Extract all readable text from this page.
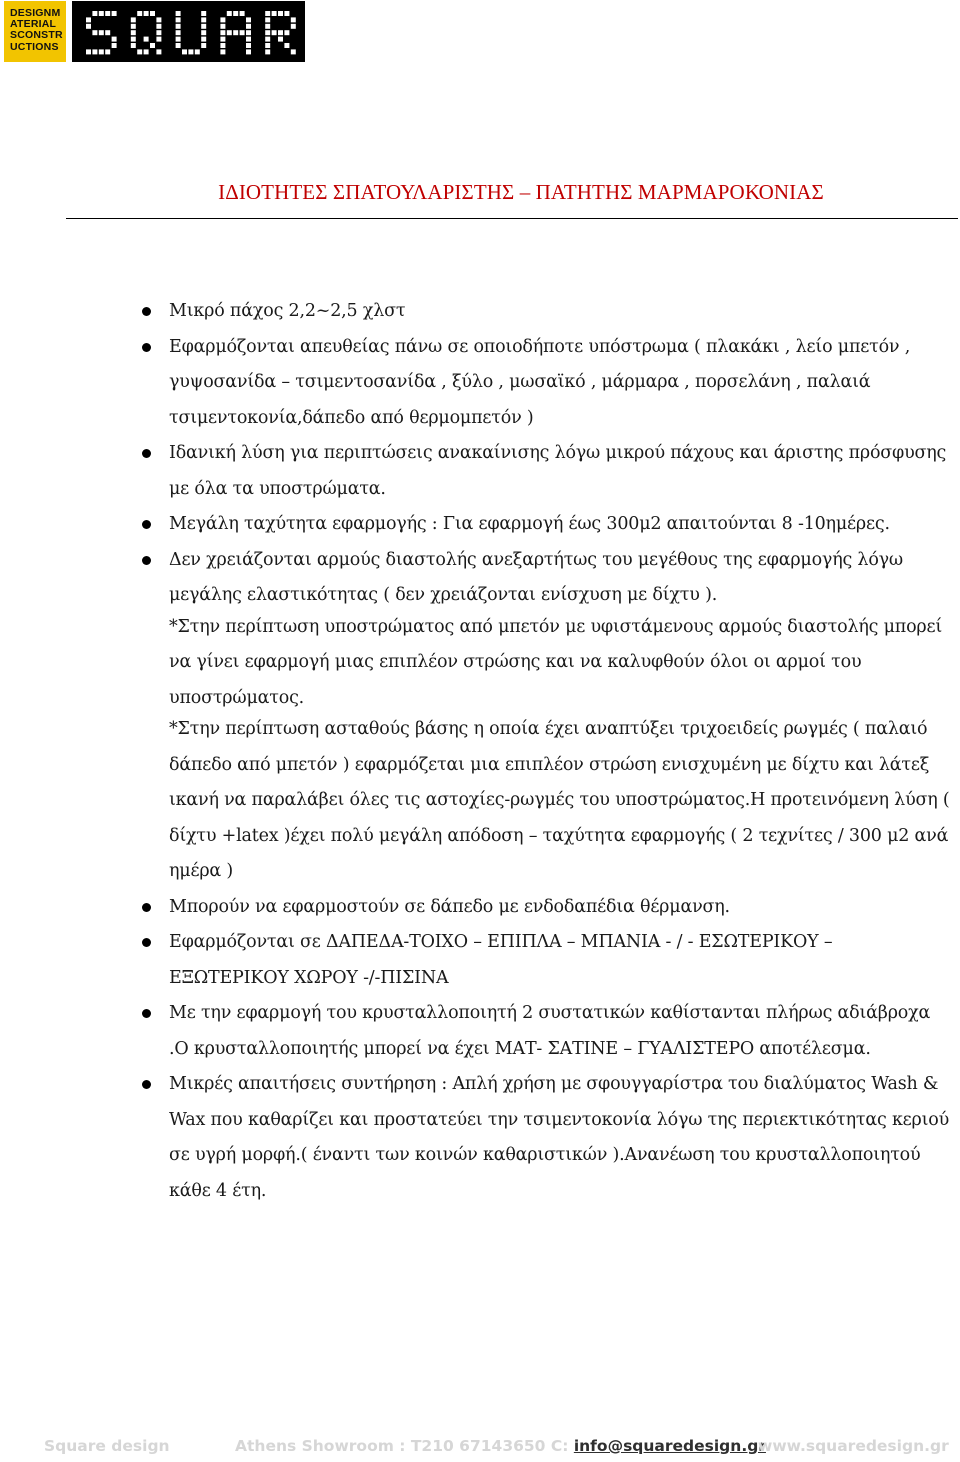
DESIGNM
ATERIAL
SCONSTR
UCTIONS
ΙΔΙΟΤΗΤΕΣ ΣΠΑΤΟΥΛΑΡΙΣΤΗΣ – ΠΑΤΗΤΗΣ ΜΑΡΜΑΡΟΚΟΝΙΑΣ
Μικρό πάχος 2,2~2,5 χλστ
Εφαρμόζονται απευθείας πάνω σε οποιοδήποτε υπόστρωμα ( πλακάκι , λείο μπετόν , γυψοσανίδα – τσιμεντοσανίδα , ξύλο , μωσαϊκό , μάρμαρα , πορσελάνη , παλαιά τσιμεντοκονία,δάπεδο από θερμομπετόν )
Ιδανική λύση για περιπτώσεις ανακαίνισης λόγω μικρού πάχους και άριστης πρόσφυσης με όλα τα υποστρώματα.
Μεγάλη ταχύτητα εφαρμογής : Για εφαρμογή έως 300μ2 απαιτούνται 8 -10ημέρες.
Δεν χρειάζονται αρμούς διαστολής ανεξαρτήτως του μεγέθους της εφαρμογής λόγω μεγάλης ελαστικότητας ( δεν χρειάζονται ενίσχυση με δίχτυ ).
*Στην περίπτωση υποστρώματος από μπετόν με υφιστάμενους αρμούς διαστολής μπορεί να γίνει εφαρμογή μιας επιπλέον στρώσης και να καλυφθούν όλοι οι αρμοί του υποστρώματος.
*Στην περίπτωση ασταθούς βάσης η οποία έχει αναπτύξει τριχοειδείς ρωγμές ( παλαιό δάπεδο από μπετόν ) εφαρμόζεται μια επιπλέον στρώση ενισχυμένη με δίχτυ και λάτεξ ικανή να παραλάβει όλες τις αστοχίες-ρωγμές του υποστρώματος.Η προτεινόμενη λύση ( δίχτυ +latex )έχει πολύ μεγάλη απόδοση – ταχύτητα εφαρμογής ( 2 τεχνίτες / 300 μ2 ανά ημέρα )
Μπορούν να εφαρμοστούν σε δάπεδο με ενδοδαπέδια θέρμανση.
Εφαρμόζονται σε ΔΑΠΕΔΑ-ΤΟΙΧΟ – ΕΠΙΠΛΑ – ΜΠΑΝΙΑ - / - ΕΣΩΤΕΡΙΚΟΥ – ΕΞΩΤΕΡΙΚΟΥ ΧΩΡΟΥ -/-ΠΙΣΙΝΑ
Με την εφαρμογή του κρυσταλλοποιητή 2 συστατικών καθίστανται πλήρως αδιάβροχα .Ο κρυσταλλοποιητής μπορεί να έχει ΜΑΤ- ΣΑΤΙΝΕ – ΓΥΑΛΙΣΤΕΡΟ αποτέλεσμα.
Μικρές απαιτήσεις συντήρηση : Απλή χρήση με σφουγγαρίστρα του διαλύματος Wash & Wax που καθαρίζει και προστατεύει την τσιμεντοκονία λόγω της περιεκτικότητας κεριού σε υγρή μορφή.( έναντι των κοινών καθαριστικών ).Ανανέωση του κρυσταλλοποιητού κάθε 4 έτη.
Square design	Athens Showroom : T210 67143650 C: info@squaredesign.gr
www.squaredesign.gr
